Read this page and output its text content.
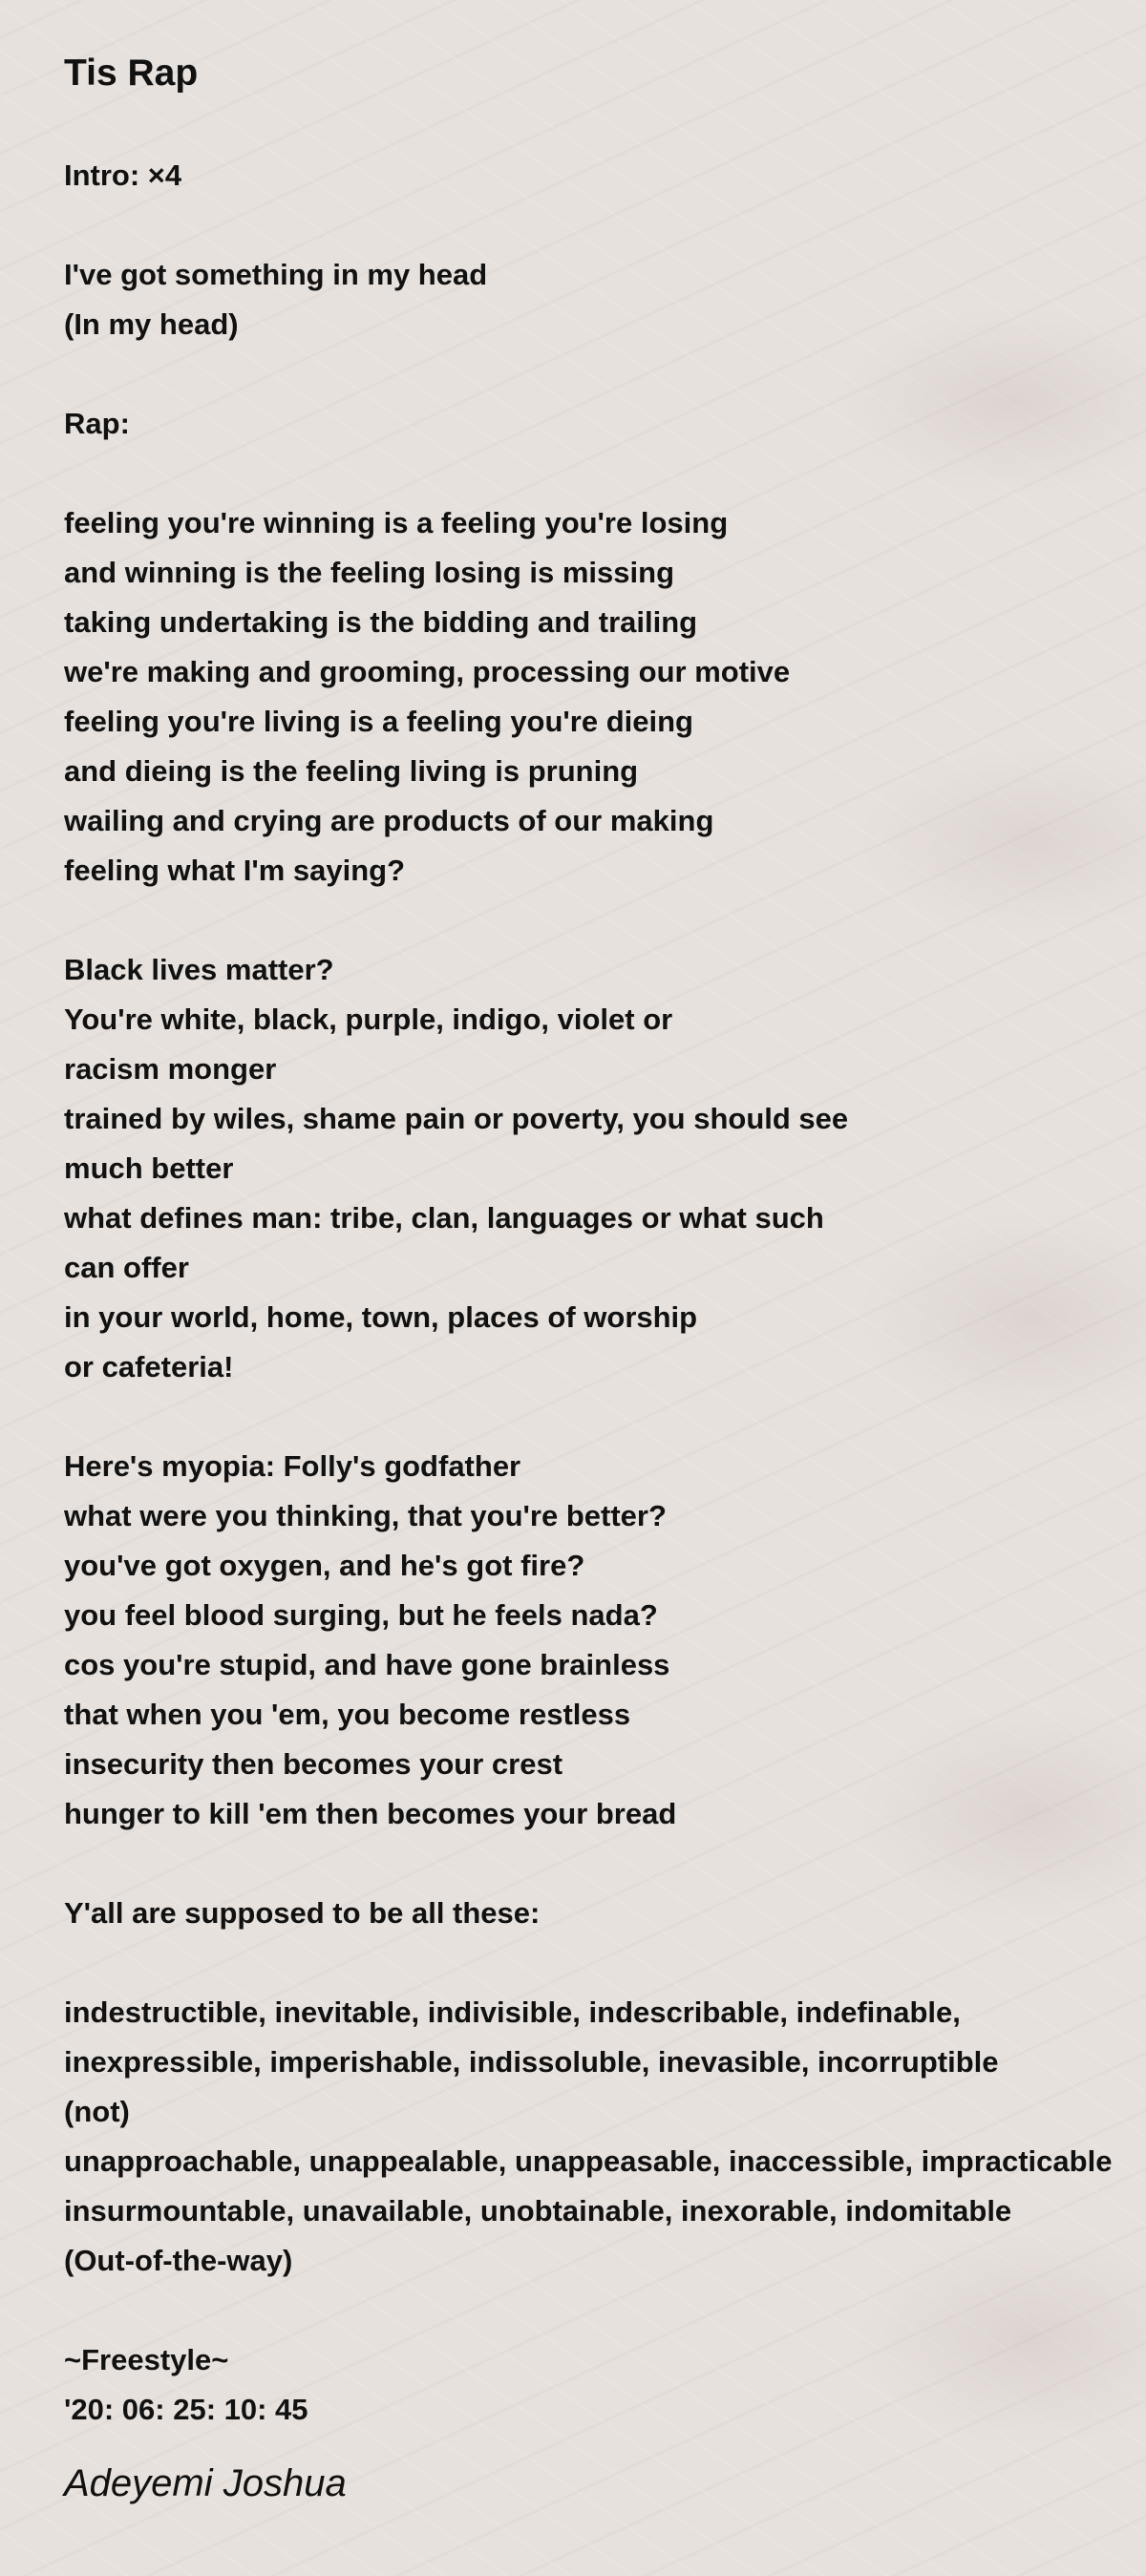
Tis Rap
Intro: ×4
I've got something in my head
(In my head)
Rap:
feeling you're winning is a feeling you're losing
and winning is the feeling losing is missing
taking undertaking is the bidding and trailing
we're making and grooming, processing our motive
feeling you're living is a feeling you're dieing
and dieing is the feeling living is pruning
wailing and crying are products of our making
feeling what I'm saying?
Black lives matter?
You're white, black, purple, indigo, violet or
racism monger
trained by wiles, shame pain or poverty, you should see
much better
what defines man: tribe, clan, languages or what such
can offer
in your world, home, town, places of worship
or cafeteria!
Here's myopia: Folly's godfather
what were you thinking, that you're better?
you've got oxygen, and he's got fire?
you feel blood surging, but he feels nada?
cos you're stupid, and have gone brainless
that when you 'em, you become restless
insecurity then becomes your crest
hunger to kill 'em then becomes your bread
Y'all are supposed to be all these:
indestructible, inevitable, indivisible, indescribable, indefinable,
inexpressible, imperishable, indissoluble, inevasible, incorruptible
(not)
unapproachable, unappealable, unappeasable, inaccessible, impracticable
insurmountable, unavailable, unobtainable, inexorable, indomitable
(Out-of-the-way)
~Freestyle~
'20: 06: 25: 10: 45
Adeyemi Joshua
